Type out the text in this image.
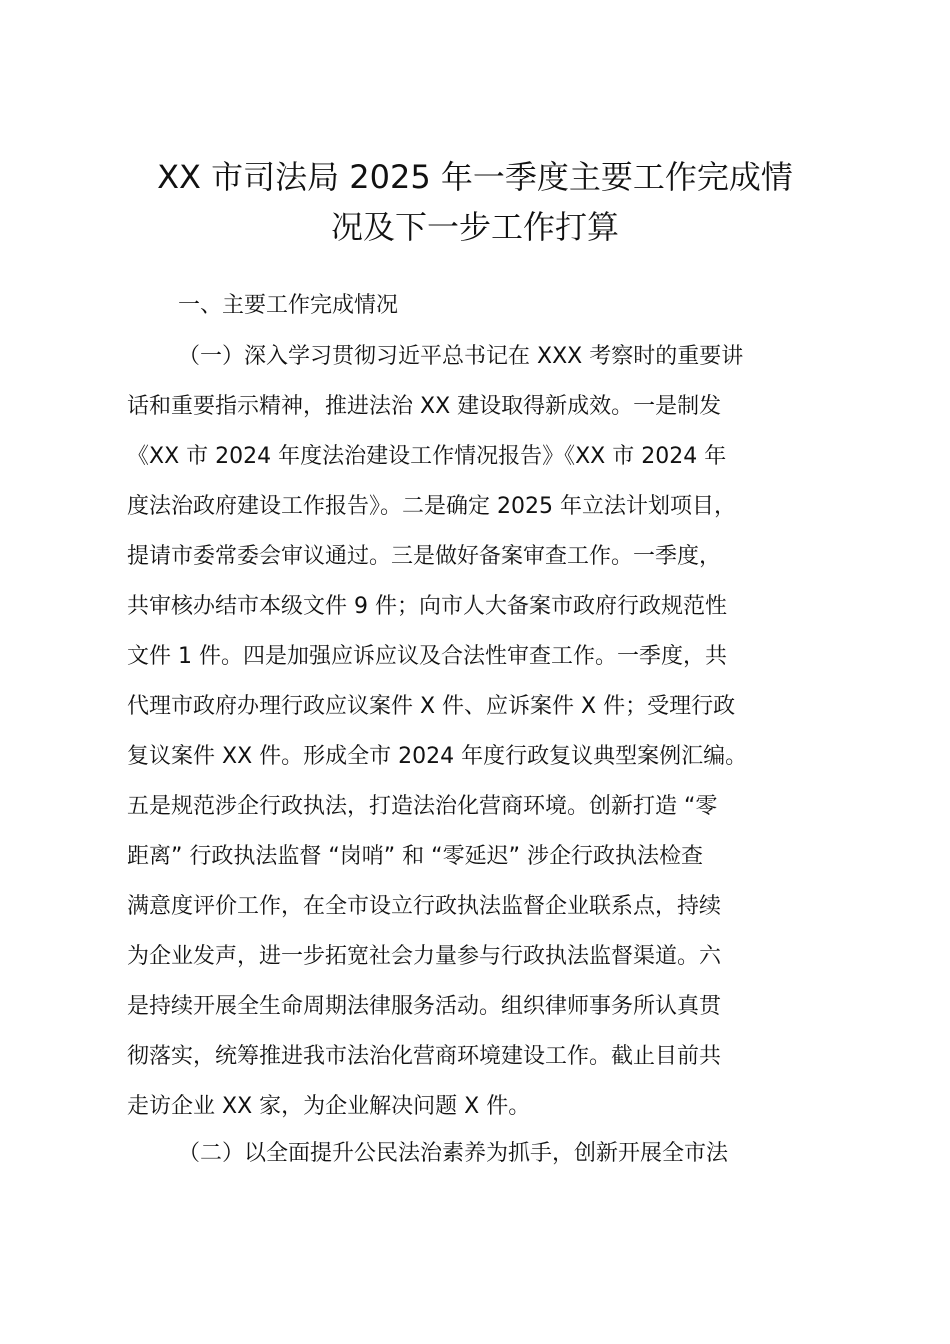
XX 市司法局 2025 年一季度主要工作完成情
况及下一步工作打算
一、主要工作完成情况
（一）深入学习贯彻习近平总书记在 XXX 考察时的重要讲
话和重要指示精神，推进法治 XX 建设取得新成效。一是制发
《XX 市 2024 年度法治建设工作情况报告》《XX 市 2024 年
度法治政府建设工作报告》。二是确定 2025 年立法计划项目，
提请市委常委会审议通过。三是做好备案审查工作。一季度，
共审核办结市本级文件 9 件；向市人大备案市政府行政规范性
文件 1 件。四是加强应诉应议及合法性审查工作。一季度，共
代理市政府办理行政应议案件 X 件、应诉案件 X 件；受理行政
复议案件 XX 件。形成全市 2024 年度行政复议典型案例汇编。
五是规范涉企行政执法，打造法治化营商环境。创新打造 “零
距离” 行政执法监督 “岗哨” 和 “零延迟” 涉企行政执法检查
满意度评价工作，在全市设立行政执法监督企业联系点，持续
为企业发声，进一步拓宽社会力量参与行政执法监督渠道。六
是持续开展全生命周期法律服务活动。组织律师事务所认真贯
彻落实，统筹推进我市法治化营商环境建设工作。截止目前共
走访企业 XX 家，为企业解决问题 X 件。
（二）以全面提升公民法治素养为抓手，创新开展全市法
